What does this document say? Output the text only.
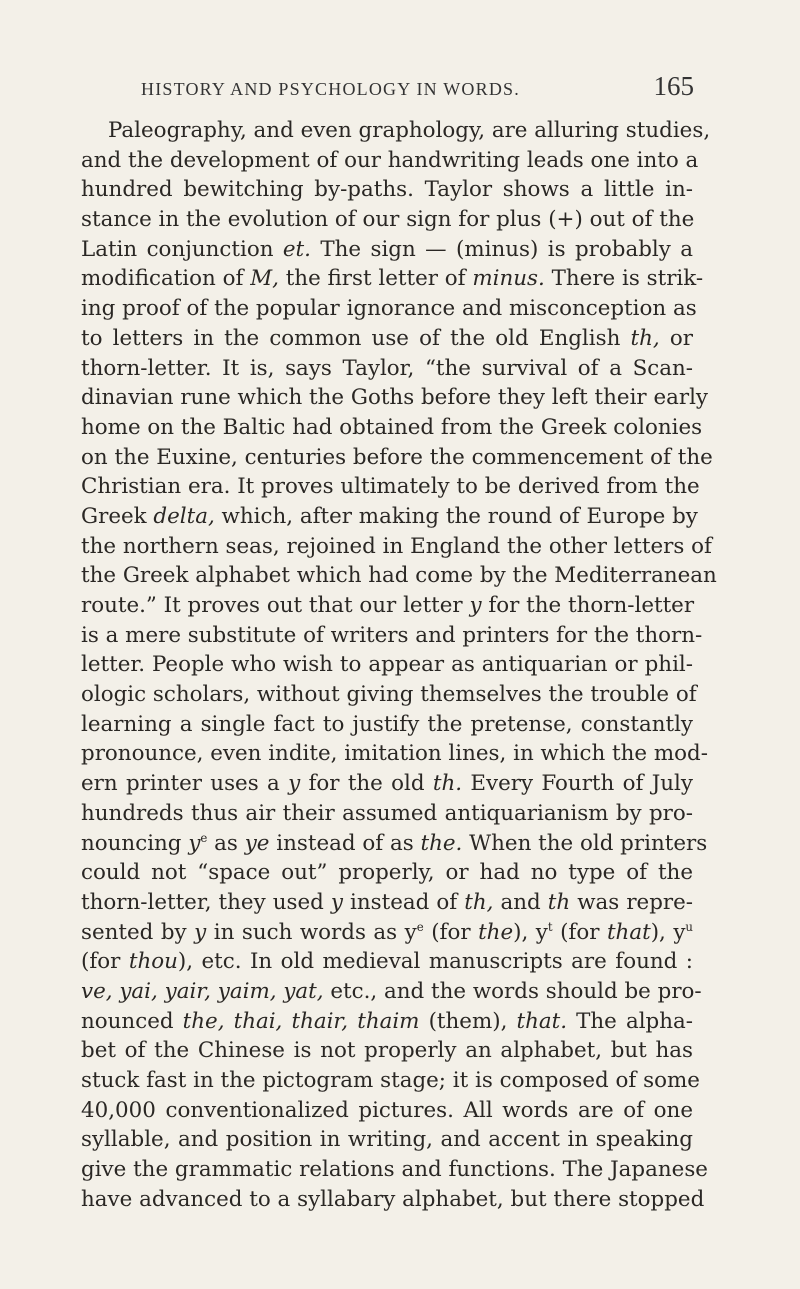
HISTORY AND PSYCHOLOGY IN WORDS.	165
Paleography, and even graphology, are alluring studies,
and the development of our handwriting leads one into a
hundred bewitching by-paths. Taylor shows a little in-
stance in the evolution of our sign for plus (+) out of the
Latin conjunction et. The sign — (minus) is probably a
modification of M, the first letter of minus. There is strik-
ing proof of the popular ignorance and misconception as
to letters in the common use of the old English th, or
thorn-letter. It is, says Taylor, “the survival of a Scan-
dinavian rune which the Goths before they left their early
home on the Baltic had obtained from the Greek colonies
on the Euxine, centuries before the commencement of the
Christian era. It proves ultimately to be derived from the
Greek delta, which, after making the round of Europe by
the northern seas, rejoined in England the other letters of
the Greek alphabet which had come by the Mediterranean
route.” It proves out that our letter y for the thorn-letter
is a mere substitute of writers and printers for the thorn-
letter. People who wish to appear as antiquarian or phil-
ologic scholars, without giving themselves the trouble of
learning a single fact to justify the pretense, constantly
pronounce, even indite, imitation lines, in which the mod-
ern printer uses a y for the old th. Every Fourth of July
hundreds thus air their assumed antiquarianism by pro-
nouncing $y^e$ as ye instead of as the. When the old printers
could not “space out” properly, or had no type of the
thorn-letter, they used y instead of th, and th was repre-
sented by y in such words as $y^e$ (for the), $y^t$ (for that), $y^u$
(for thou), etc. In old medieval manuscripts are found :
ve, yai, yair, yaim, yat, etc., and the words should be pro-
nounced the, thai, thair, thaim (them), that. The alpha-
bet of the Chinese is not properly an alphabet, but has
stuck fast in the pictogram stage; it is composed of some
40,000 conventionalized pictures. All words are of one
syllable, and position in writing, and accent in speaking
give the grammatic relations and functions. The Japanese
have advanced to a syllabary alphabet, but there stopped
